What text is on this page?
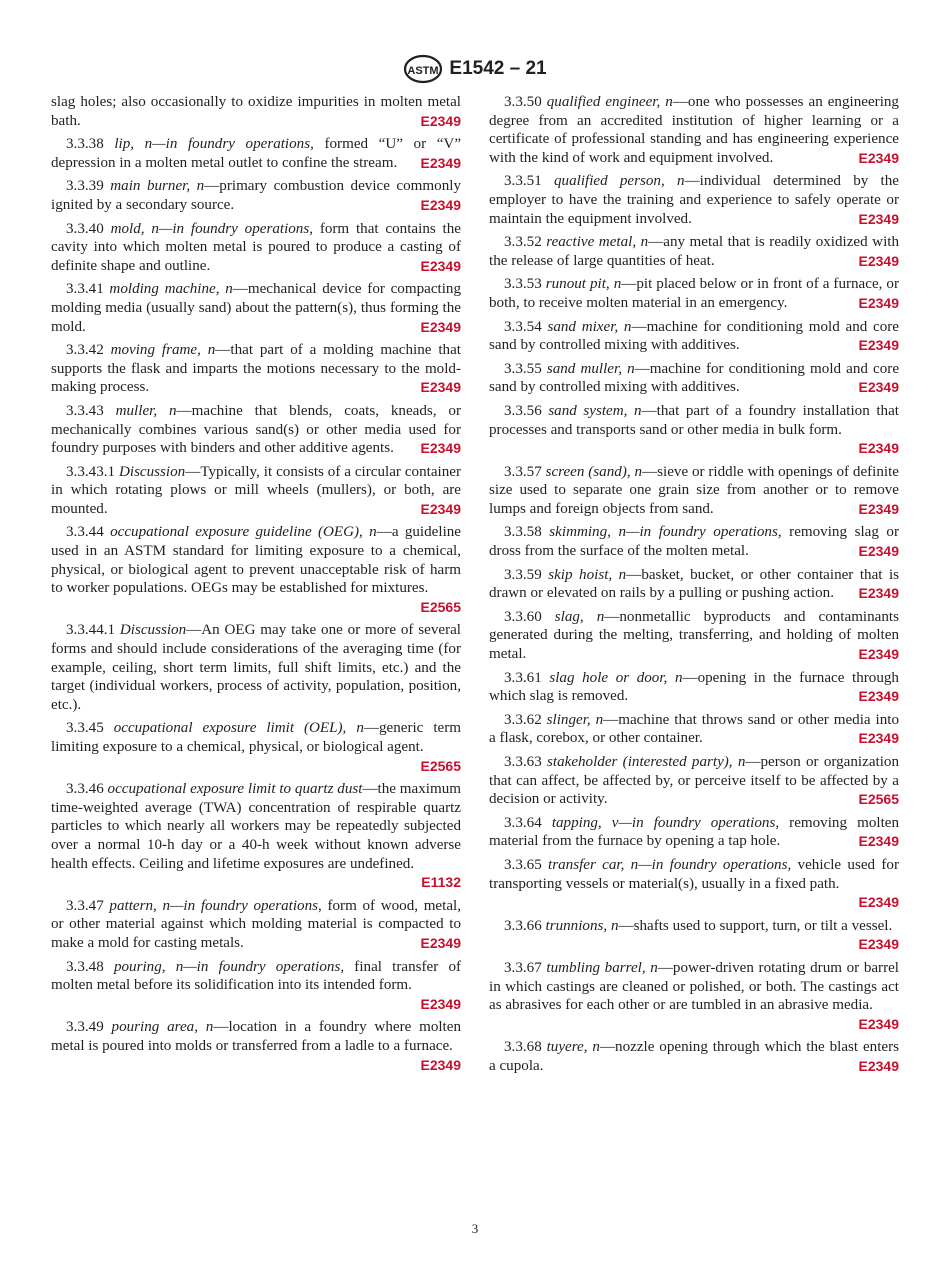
ASTM E1542 – 21
slag holes; also occasionally to oxidize impurities in molten metal bath.	E2349
3.3.38 lip, n—in foundry operations, formed “U” or “V” depression in a molten metal outlet to confine the stream.	E2349
3.3.39 main burner, n—primary combustion device commonly ignited by a secondary source.	E2349
3.3.40 mold, n—in foundry operations, form that contains the cavity into which molten metal is poured to produce a casting of definite shape and outline.	E2349
3.3.41 molding machine, n—mechanical device for compacting molding media (usually sand) about the pattern(s), thus forming the mold.	E2349
3.3.42 moving frame, n—that part of a molding machine that supports the flask and imparts the motions necessary to the mold-making process.	E2349
3.3.43 muller, n—machine that blends, coats, kneads, or mechanically combines various sand(s) or other media used for foundry purposes with binders and other additive agents.	E2349
3.3.43.1 Discussion—Typically, it consists of a circular container in which rotating plows or mill wheels (mullers), or both, are mounted.	E2349
3.3.44 occupational exposure guideline (OEG), n—a guideline used in an ASTM standard for limiting exposure to a chemical, physical, or biological agent to prevent unacceptable risk of harm to worker populations. OEGs may be established for mixtures.
E2565
3.3.44.1 Discussion—An OEG may take one or more of several forms and should include considerations of the averaging time (for example, ceiling, short term limits, full shift limits, etc.) and the target (individual workers, process of activity, population, position, etc.).
3.3.45 occupational exposure limit (OEL), n—generic term limiting exposure to a chemical, physical, or biological agent.
E2565
3.3.46 occupational exposure limit to quartz dust—the maximum time-weighted average (TWA) concentration of respirable quartz particles to which nearly all workers may be repeatedly subjected over a normal 10-h day or a 40-h week without known adverse health effects. Ceiling and lifetime exposures are undefined.
E1132
3.3.47 pattern, n—in foundry operations, form of wood, metal, or other material against which molding material is compacted to make a mold for casting metals.	E2349
3.3.48 pouring, n—in foundry operations, final transfer of molten metal before its solidification into its intended form.
E2349
3.3.49 pouring area, n—location in a foundry where molten metal is poured into molds or transferred from a ladle to a furnace.
E2349
3.3.50 qualified engineer, n—one who possesses an engineering degree from an accredited institution of higher learning or a certificate of professional standing and has engineering experience with the kind of work and equipment involved.	E2349
3.3.51 qualified person, n—individual determined by the employer to have the training and experience to safely operate or maintain the equipment involved.	E2349
3.3.52 reactive metal, n—any metal that is readily oxidized with the release of large quantities of heat.	E2349
3.3.53 runout pit, n—pit placed below or in front of a furnace, or both, to receive molten material in an emergency.	E2349
3.3.54 sand mixer, n—machine for conditioning mold and core sand by controlled mixing with additives.	E2349
3.3.55 sand muller, n—machine for conditioning mold and core sand by controlled mixing with additives.	E2349
3.3.56 sand system, n—that part of a foundry installation that processes and transports sand or other media in bulk form.
E2349
3.3.57 screen (sand), n—sieve or riddle with openings of definite size used to separate one grain size from another or to remove lumps and foreign objects from sand.	E2349
3.3.58 skimming, n—in foundry operations, removing slag or dross from the surface of the molten metal.	E2349
3.3.59 skip hoist, n—basket, bucket, or other container that is drawn or elevated on rails by a pulling or pushing action.	E2349
3.3.60 slag, n—nonmetallic byproducts and contaminants generated during the melting, transferring, and holding of molten metal.	E2349
3.3.61 slag hole or door, n—opening in the furnace through which slag is removed.	E2349
3.3.62 slinger, n—machine that throws sand or other media into a flask, corebox, or other container.	E2349
3.3.63 stakeholder (interested party), n—person or organization that can affect, be affected by, or perceive itself to be affected by a decision or activity.	E2565
3.3.64 tapping, v—in foundry operations, removing molten material from the furnace by opening a tap hole.	E2349
3.3.65 transfer car, n—in foundry operations, vehicle used for transporting vessels or material(s), usually in a fixed path.
E2349
3.3.66 trunnions, n—shafts used to support, turn, or tilt a vessel.
E2349
3.3.67 tumbling barrel, n—power-driven rotating drum or barrel in which castings are cleaned or polished, or both. The castings act as abrasives for each other or are tumbled in an abrasive media.
E2349
3.3.68 tuyere, n—nozzle opening through which the blast enters a cupola.	E2349
3
